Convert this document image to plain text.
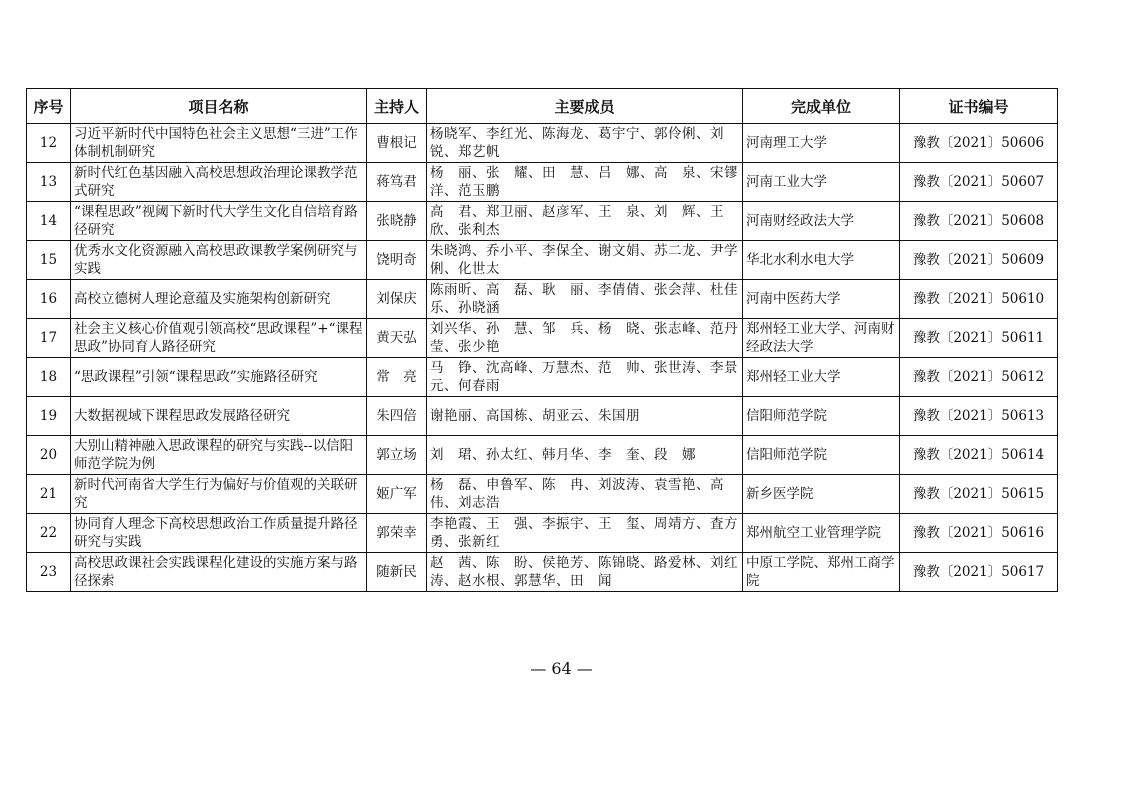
序号	项目名称	主持人	主要成员	完成单位	证书编号
12	习近平新时代中国特色社会主义思想“三进”工作体制机制研究	曹根记	杨晓军、李红光、陈海龙、葛宇宁、郭伶俐、刘　锐、郑艺帆	河南理工大学	豫教〔2021〕50606
13	新时代红色基因融入高校思想政治理论课教学范式研究	蒋笃君	杨　丽、张　耀、田　慧、吕　娜、高　泉、宋镠洋、范玉鹏	河南工业大学	豫教〔2021〕50607
14	“课程思政”视阈下新时代大学生文化自信培育路径研究	张晓静	高　君、郑卫丽、赵彦军、王　泉、刘　辉、王　欣、张利杰	河南财经政法大学	豫教〔2021〕50608
15	优秀水文化资源融入高校思政课教学案例研究与实践	饶明奇	朱晓鸿、乔小平、李保全、谢文娟、苏二龙、尹学俐、化世太	华北水利水电大学	豫教〔2021〕50609
16	高校立德树人理论意蕴及实施架构创新研究	刘保庆	陈雨昕、高　磊、耿　丽、李倩倩、张会萍、杜佳乐、孙晓涵	河南中医药大学	豫教〔2021〕50610
17	社会主义核心价值观引领高校“思政课程”+“课程思政”协同育人路径研究	黄天弘	刘兴华、孙　慧、邹　兵、杨　晓、张志峰、范丹莹、张少艳	郑州轻工业大学、河南财经政法大学	豫教〔2021〕50611
18	“思政课程”引领“课程思政”实施路径研究	常　亮	马　铮、沈高峰、万慧杰、范　帅、张世涛、李景元、何春雨	郑州轻工业大学	豫教〔2021〕50612
19	大数据视域下课程思政发展路径研究	朱四倍	谢艳丽、高国栋、胡亚云、朱国朋	信阳师范学院	豫教〔2021〕50613
20	大别山精神融入思政课程的研究与实践--以信阳师范学院为例	郭立场	刘　珺、孙太红、韩月华、李　奎、段　娜	信阳师范学院	豫教〔2021〕50614
21	新时代河南省大学生行为偏好与价值观的关联研究	姬广军	杨　磊、申鲁军、陈　冉、刘波涛、袁雪艳、高　伟、刘志浩	新乡医学院	豫教〔2021〕50615
22	协同育人理念下高校思想政治工作质量提升路径研究与实践	郭荣幸	李艳霞、王　强、李振宇、王　玺、周靖方、査方勇、张新红	郑州航空工业管理学院	豫教〔2021〕50616
23	高校思政课社会实践课程化建设的实施方案与路径探索	随新民	赵　茜、陈　盼、侯艳芳、陈锦晓、路爱林、刘红涛、赵水根、郭慧华、田　闻	中原工学院、郑州工商学院	豫教〔2021〕50617
— 64 —
